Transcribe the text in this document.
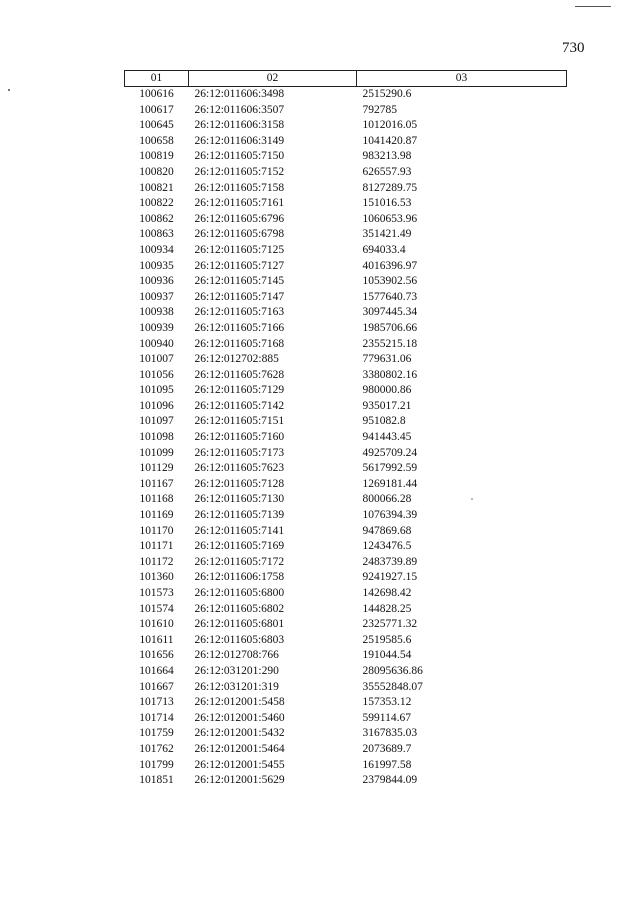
730
01	02	03
100616	26:12:011606:3498	2515290.6
100617	26:12:011606:3507	792785
100645	26:12:011606:3158	1012016.05
100658	26:12:011606:3149	1041420.87
100819	26:12:011605:7150	983213.98
100820	26:12:011605:7152	626557.93
100821	26:12:011605:7158	8127289.75
100822	26:12:011605:7161	151016.53
100862	26:12:011605:6796	1060653.96
100863	26:12:011605:6798	351421.49
100934	26:12:011605:7125	694033.4
100935	26:12:011605:7127	4016396.97
100936	26:12:011605:7145	1053902.56
100937	26:12:011605:7147	1577640.73
100938	26:12:011605:7163	3097445.34
100939	26:12:011605:7166	1985706.66
100940	26:12:011605:7168	2355215.18
101007	26:12:012702:885	779631.06
101056	26:12:011605:7628	3380802.16
101095	26:12:011605:7129	980000.86
101096	26:12:011605:7142	935017.21
101097	26:12:011605:7151	951082.8
101098	26:12:011605:7160	941443.45
101099	26:12:011605:7173	4925709.24
101129	26:12:011605:7623	5617992.59
101167	26:12:011605:7128	1269181.44
101168	26:12:011605:7130	800066.28
101169	26:12:011605:7139	1076394.39
101170	26:12:011605:7141	947869.68
101171	26:12:011605:7169	1243476.5
101172	26:12:011605:7172	2483739.89
101360	26:12:011606:1758	9241927.15
101573	26:12:011605:6800	142698.42
101574	26:12:011605:6802	144828.25
101610	26:12:011605:6801	2325771.32
101611	26:12:011605:6803	2519585.6
101656	26:12:012708:766	191044.54
101664	26:12:031201:290	28095636.86
101667	26:12:031201:319	35552848.07
101713	26:12:012001:5458	157353.12
101714	26:12:012001:5460	599114.67
101759	26:12:012001:5432	3167835.03
101762	26:12:012001:5464	2073689.7
101799	26:12:012001:5455	161997.58
101851	26:12:012001:5629	2379844.09
